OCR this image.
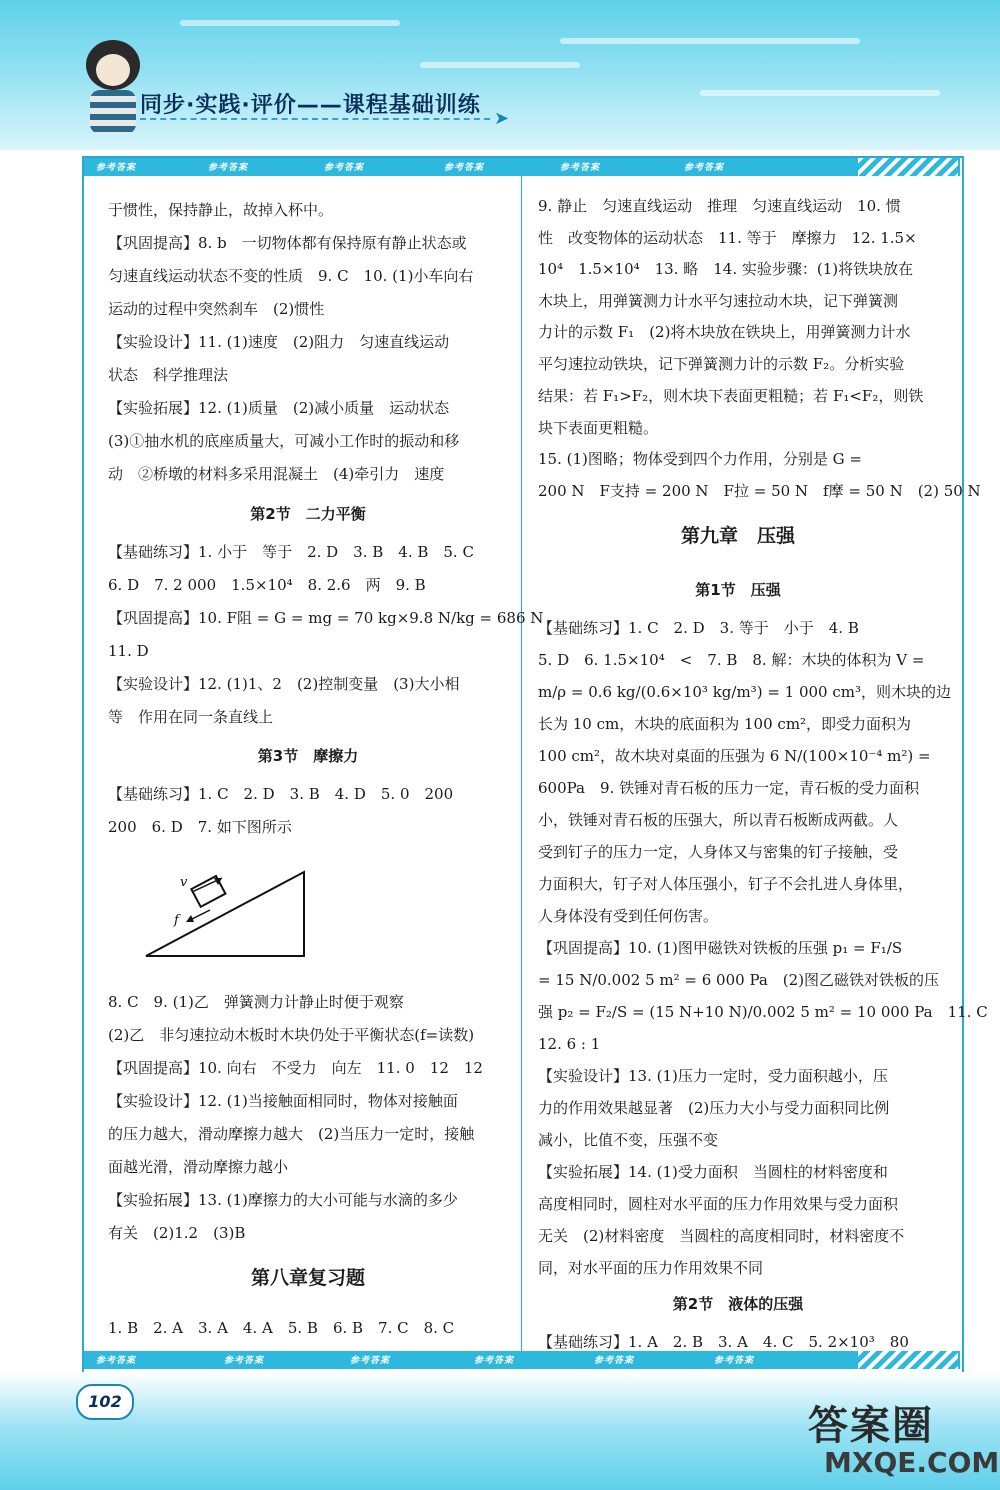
同步·实践·评价——课程基础训练
➤
参考答案	参考答案	参考答案	参考答案	参考答案	参考答案
参考答案	参考答案	参考答案	参考答案	参考答案	参考答案
于惯性，保持静止，故掉入杯中。
【巩固提高】8. b　一切物体都有保持原有静止状态或
匀速直线运动状态不变的性质　9. C　10. (1)小车向右
运动的过程中突然刹车　(2)惯性
【实验设计】11. (1)速度　(2)阻力　匀速直线运动
状态　科学推理法
【实验拓展】12. (1)质量　(2)减小质量　运动状态
(3)①抽水机的底座质量大，可减小工作时的振动和移
动　②桥墩的材料多采用混凝土　(4)牵引力　速度
第2节　二力平衡
【基础练习】1. 小于　等于　2. D　3. B　4. B　5. C
6. D　7. 2 000　1.5×10⁴　8. 2.6　两　9. B
【巩固提高】10. F阻 = G = mg = 70 kg×9.8 N/kg = 686 N
11. D
【实验设计】12. (1)1、2　(2)控制变量　(3)大小相
等　作用在同一条直线上
第3节　摩擦力
【基础练习】1. C　2. D　3. B　4. D　5. 0　200
200　6. D　7. 如下图所示
8. C　9. (1)乙　弹簧测力计静止时便于观察
(2)乙　非匀速拉动木板时木块仍处于平衡状态(f=读数)
【巩固提高】10. 向右　不受力　向左　11. 0　12　12
【实验设计】12. (1)当接触面相同时，物体对接触面
的压力越大，滑动摩擦力越大　(2)当压力一定时，接触
面越光滑，滑动摩擦力越小
【实验拓展】13. (1)摩擦力的大小可能与水滴的多少
有关　(2)1.2　(3)B
第八章复习题
1. B　2. A　3. A　4. A　5. B　6. B　7. C　8. C
v
f
9. 静止　匀速直线运动　推理　匀速直线运动　10. 惯
性　改变物体的运动状态　11. 等于　摩擦力　12. 1.5×
10⁴　1.5×10⁴　13. 略　14. 实验步骤：(1)将铁块放在
木块上，用弹簧测力计水平匀速拉动木块，记下弹簧测
力计的示数 F₁　(2)将木块放在铁块上，用弹簧测力计水
平匀速拉动铁块，记下弹簧测力计的示数 F₂。分析实验
结果：若 F₁>F₂，则木块下表面更粗糙；若 F₁<F₂，则铁
块下表面更粗糙。
15. (1)图略；物体受到四个力作用，分别是 G =
200 N　F支持 = 200 N　F拉 = 50 N　f摩 = 50 N　(2) 50 N
第九章　压强
第1节　压强
【基础练习】1. C　2. D　3. 等于　小于　4. B
5. D　6. 1.5×10⁴　<　7. B　8. 解：木块的体积为 V =
m/ρ = 0.6 kg/(0.6×10³ kg/m³) = 1 000 cm³，则木块的边
长为 10 cm，木块的底面积为 100 cm²，即受力面积为
100 cm²，故木块对桌面的压强为 6 N/(100×10⁻⁴ m²) =
600Pa　9. 铁锤对青石板的压力一定，青石板的受力面积
小，铁锤对青石板的压强大，所以青石板断成两截。人
受到钉子的压力一定，人身体又与密集的钉子接触，受
力面积大，钉子对人体压强小，钉子不会扎进人身体里，
人身体没有受到任何伤害。
【巩固提高】10. (1)图甲磁铁对铁板的压强 p₁ = F₁/S
= 15 N/0.002 5 m² = 6 000 Pa　(2)图乙磁铁对铁板的压
强 p₂ = F₂/S = (15 N+10 N)/0.002 5 m² = 10 000 Pa　11. C
12. 6 : 1
【实验设计】13. (1)压力一定时，受力面积越小，压
力的作用效果越显著　(2)压力大小与受力面积同比例
减小，比值不变，压强不变
【实验拓展】14. (1)受力面积　当圆柱的材料密度和
高度相同时，圆柱对水平面的压力作用效果与受力面积
无关　(2)材料密度　当圆柱的高度相同时，材料密度不
同，对水平面的压力作用效果不同
第2节　液体的压强
【基础练习】1. A　2. B　3. A　4. C　5. 2×10³　80
102
答案圈
MXQE.COM
